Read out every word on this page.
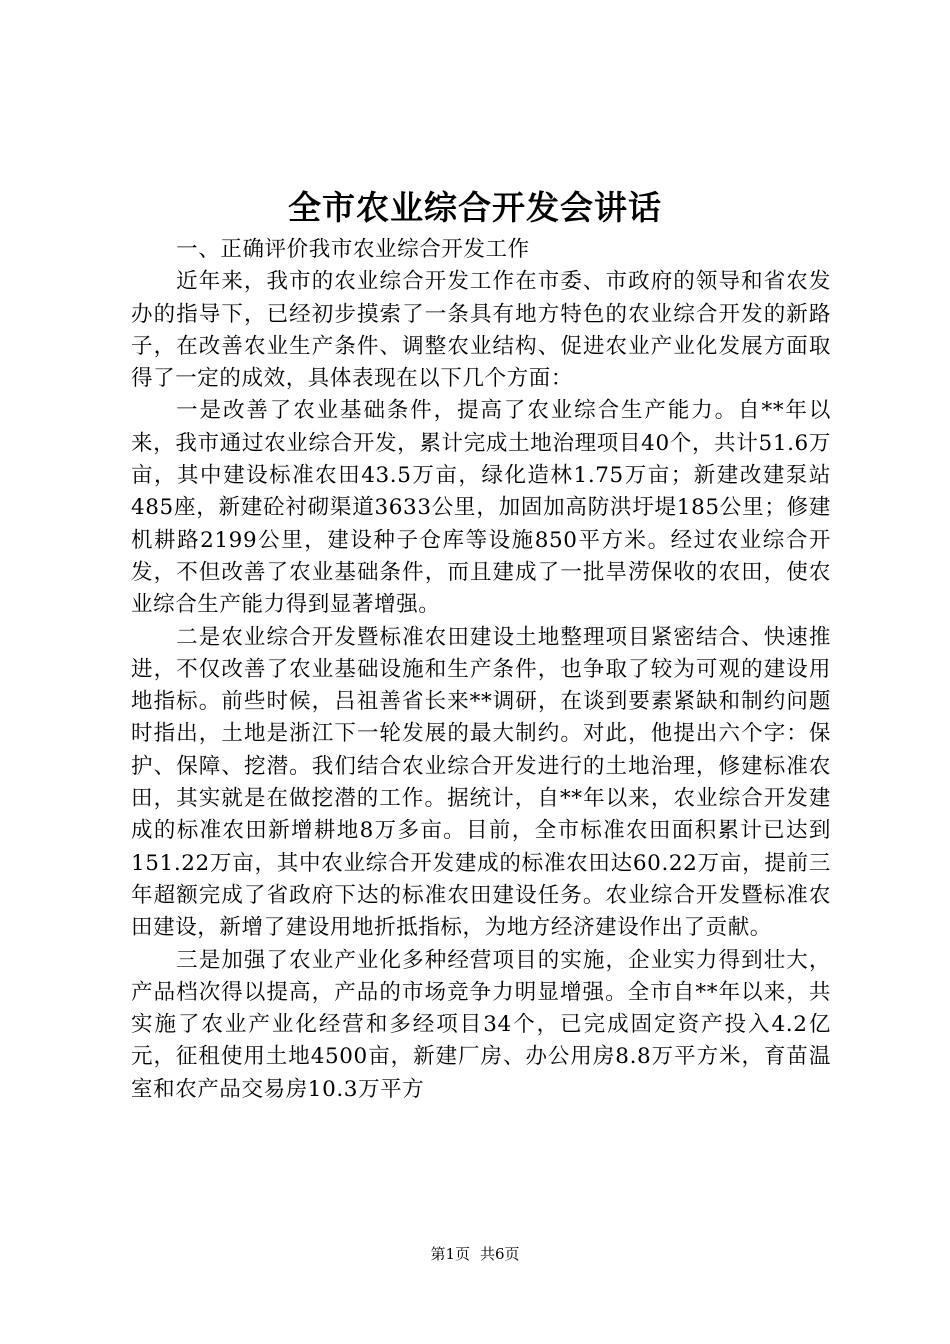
全市农业综合开发会讲话

一、正确评价我市农业综合开发工作

近年来，我市的农业综合开发工作在市委、市政府的领导和省农发办的指导下，已经初步摸索了一条具有地方特色的农业综合开发的新路子，在改善农业生产条件、调整农业结构、促进农业产业化发展方面取得了一定的成效，具体表现在以下几个方面：

一是改善了农业基础条件，提高了农业综合生产能力。自**年以来，我市通过农业综合开发，累计完成土地治理项目40个，共计51.6万亩，其中建设标准农田43.5万亩，绿化造林1.75万亩；新建改建泵站485座，新建砼衬砌渠道3633公里，加固加高防洪圩堤185公里；修建机耕路2199公里，建设种子仓库等设施850平方米。经过农业综合开发，不但改善了农业基础条件，而且建成了一批旱涝保收的农田，使农业综合生产能力得到显著增强。

二是农业综合开发暨标准农田建设土地整理项目紧密结合、快速推进，不仅改善了农业基础设施和生产条件，也争取了较为可观的建设用地指标。前些时候，吕祖善省长来**调研，在谈到要素紧缺和制约问题时指出，土地是浙江下一轮发展的最大制约。对此，他提出六个字：保护、保障、挖潜。我们结合农业综合开发进行的土地治理，修建标准农田，其实就是在做挖潜的工作。据统计，自**年以来，农业综合开发建成的标准农田新增耕地8万多亩。目前，全市标准农田面积累计已达到151.22万亩，其中农业综合开发建成的标准农田达60.22万亩，提前三年超额完成了省政府下达的标准农田建设任务。农业综合开发暨标准农田建设，新增了建设用地折抵指标，为地方经济建设作出了贡献。

三是加强了农业产业化多种经营项目的实施，企业实力得到壮大，产品档次得以提高，产品的市场竞争力明显增强。全市自**年以来，共实施了农业产业化经营和多经项目34个，已完成固定资产投入4.2亿元，征租使用土地4500亩，新建厂房、办公用房8.8万平方米，育苗温室和农产品交易房10.3万平方

第1页 共6页
